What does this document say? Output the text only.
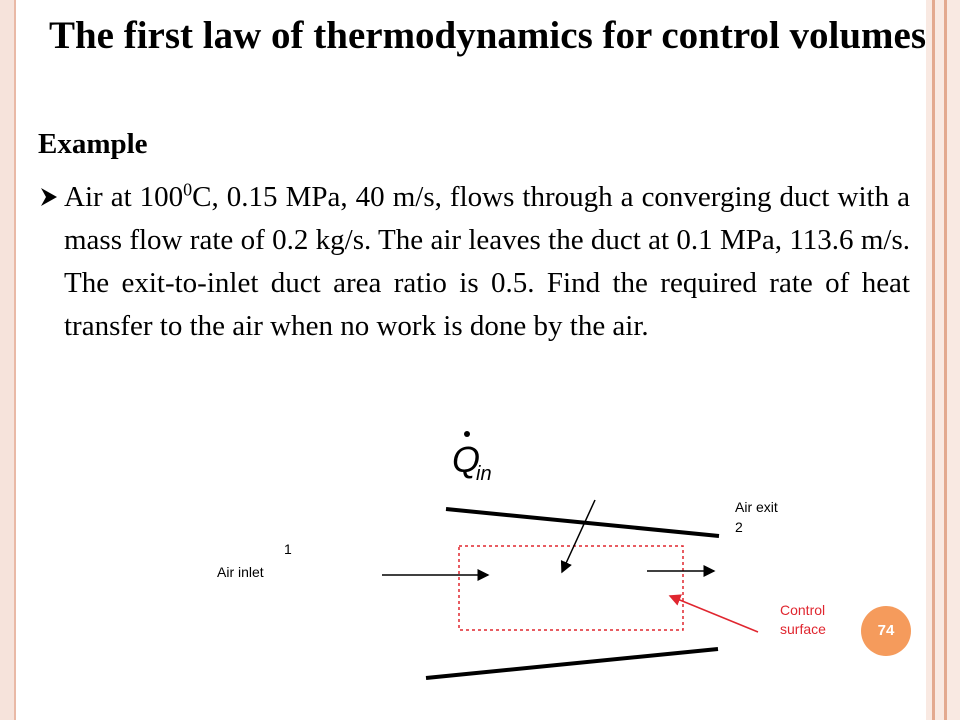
The first law of thermodynamics for control volumes
Example
Air at $100^0C$, 0.15 MPa, 40 m/s, flows through a converging duct with a mass flow rate of 0.2 kg/s. The air leaves the duct at 0.1 MPa, 113.6 m/s. The exit-to-inlet duct area ratio is 0.5. Find the required rate of heat transfer to the air when no work is done by the air.
Q
in
1
Air inlet
Air exit
2
Control
surface	74
